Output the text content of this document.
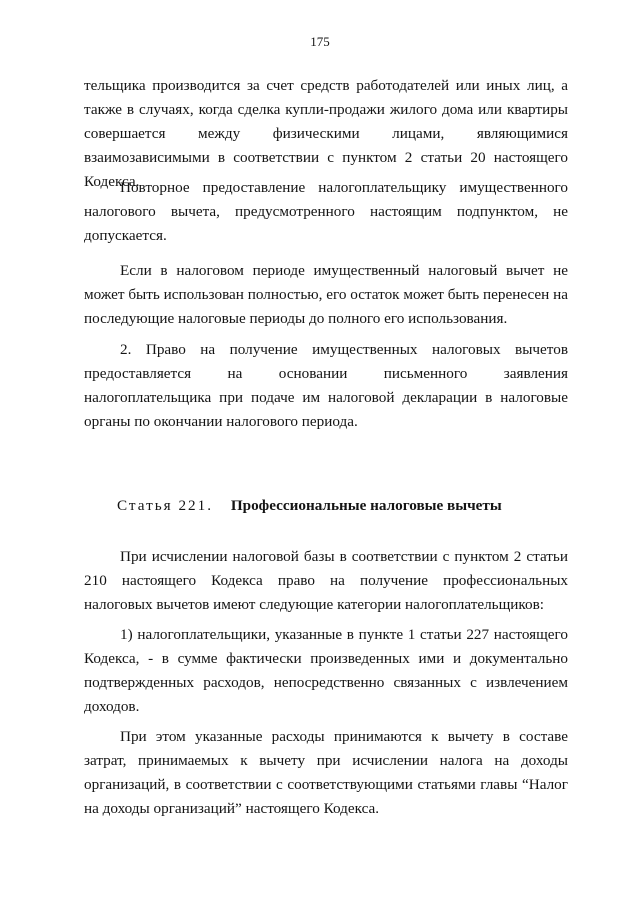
175

тельщика производится за счет средств работодателей или иных лиц, а также в случаях, когда сделка купли-продажи жилого дома или квартиры совершается между физическими лицами, являющимися взаимозависимыми в соответствии с пунктом 2 статьи 20 настоящего Кодекса.

Повторное предоставление налогоплательщику имущественного налогового вычета, предусмотренного настоящим подпунктом, не допускается.

Если в налоговом периоде имущественный налоговый вычет не может быть использован полностью, его остаток может быть перенесен на последующие налоговые периоды до полного его использования.

2. Право на получение имущественных налоговых вычетов предоставляется на основании письменного заявления налогоплательщика при подаче им налоговой декларации в налоговые органы по окончании налогового периода.

Статья 221. Профессиональные налоговые вычеты

При исчислении налоговой базы в соответствии с пунктом 2 статьи 210 настоящего Кодекса право на получение профессиональных налоговых вычетов имеют следующие категории налогоплательщиков:

1) налогоплательщики, указанные в пункте 1 статьи 227 настоящего Кодекса, - в сумме фактически произведенных ими и документально подтвержденных расходов, непосредственно связанных с извлечением доходов.

При этом указанные расходы принимаются к вычету в составе затрат, принимаемых к вычету при исчислении налога на доходы организаций, в соответствии с соответствующими статьями главы “Налог на доходы организаций” настоящего Кодекса.
